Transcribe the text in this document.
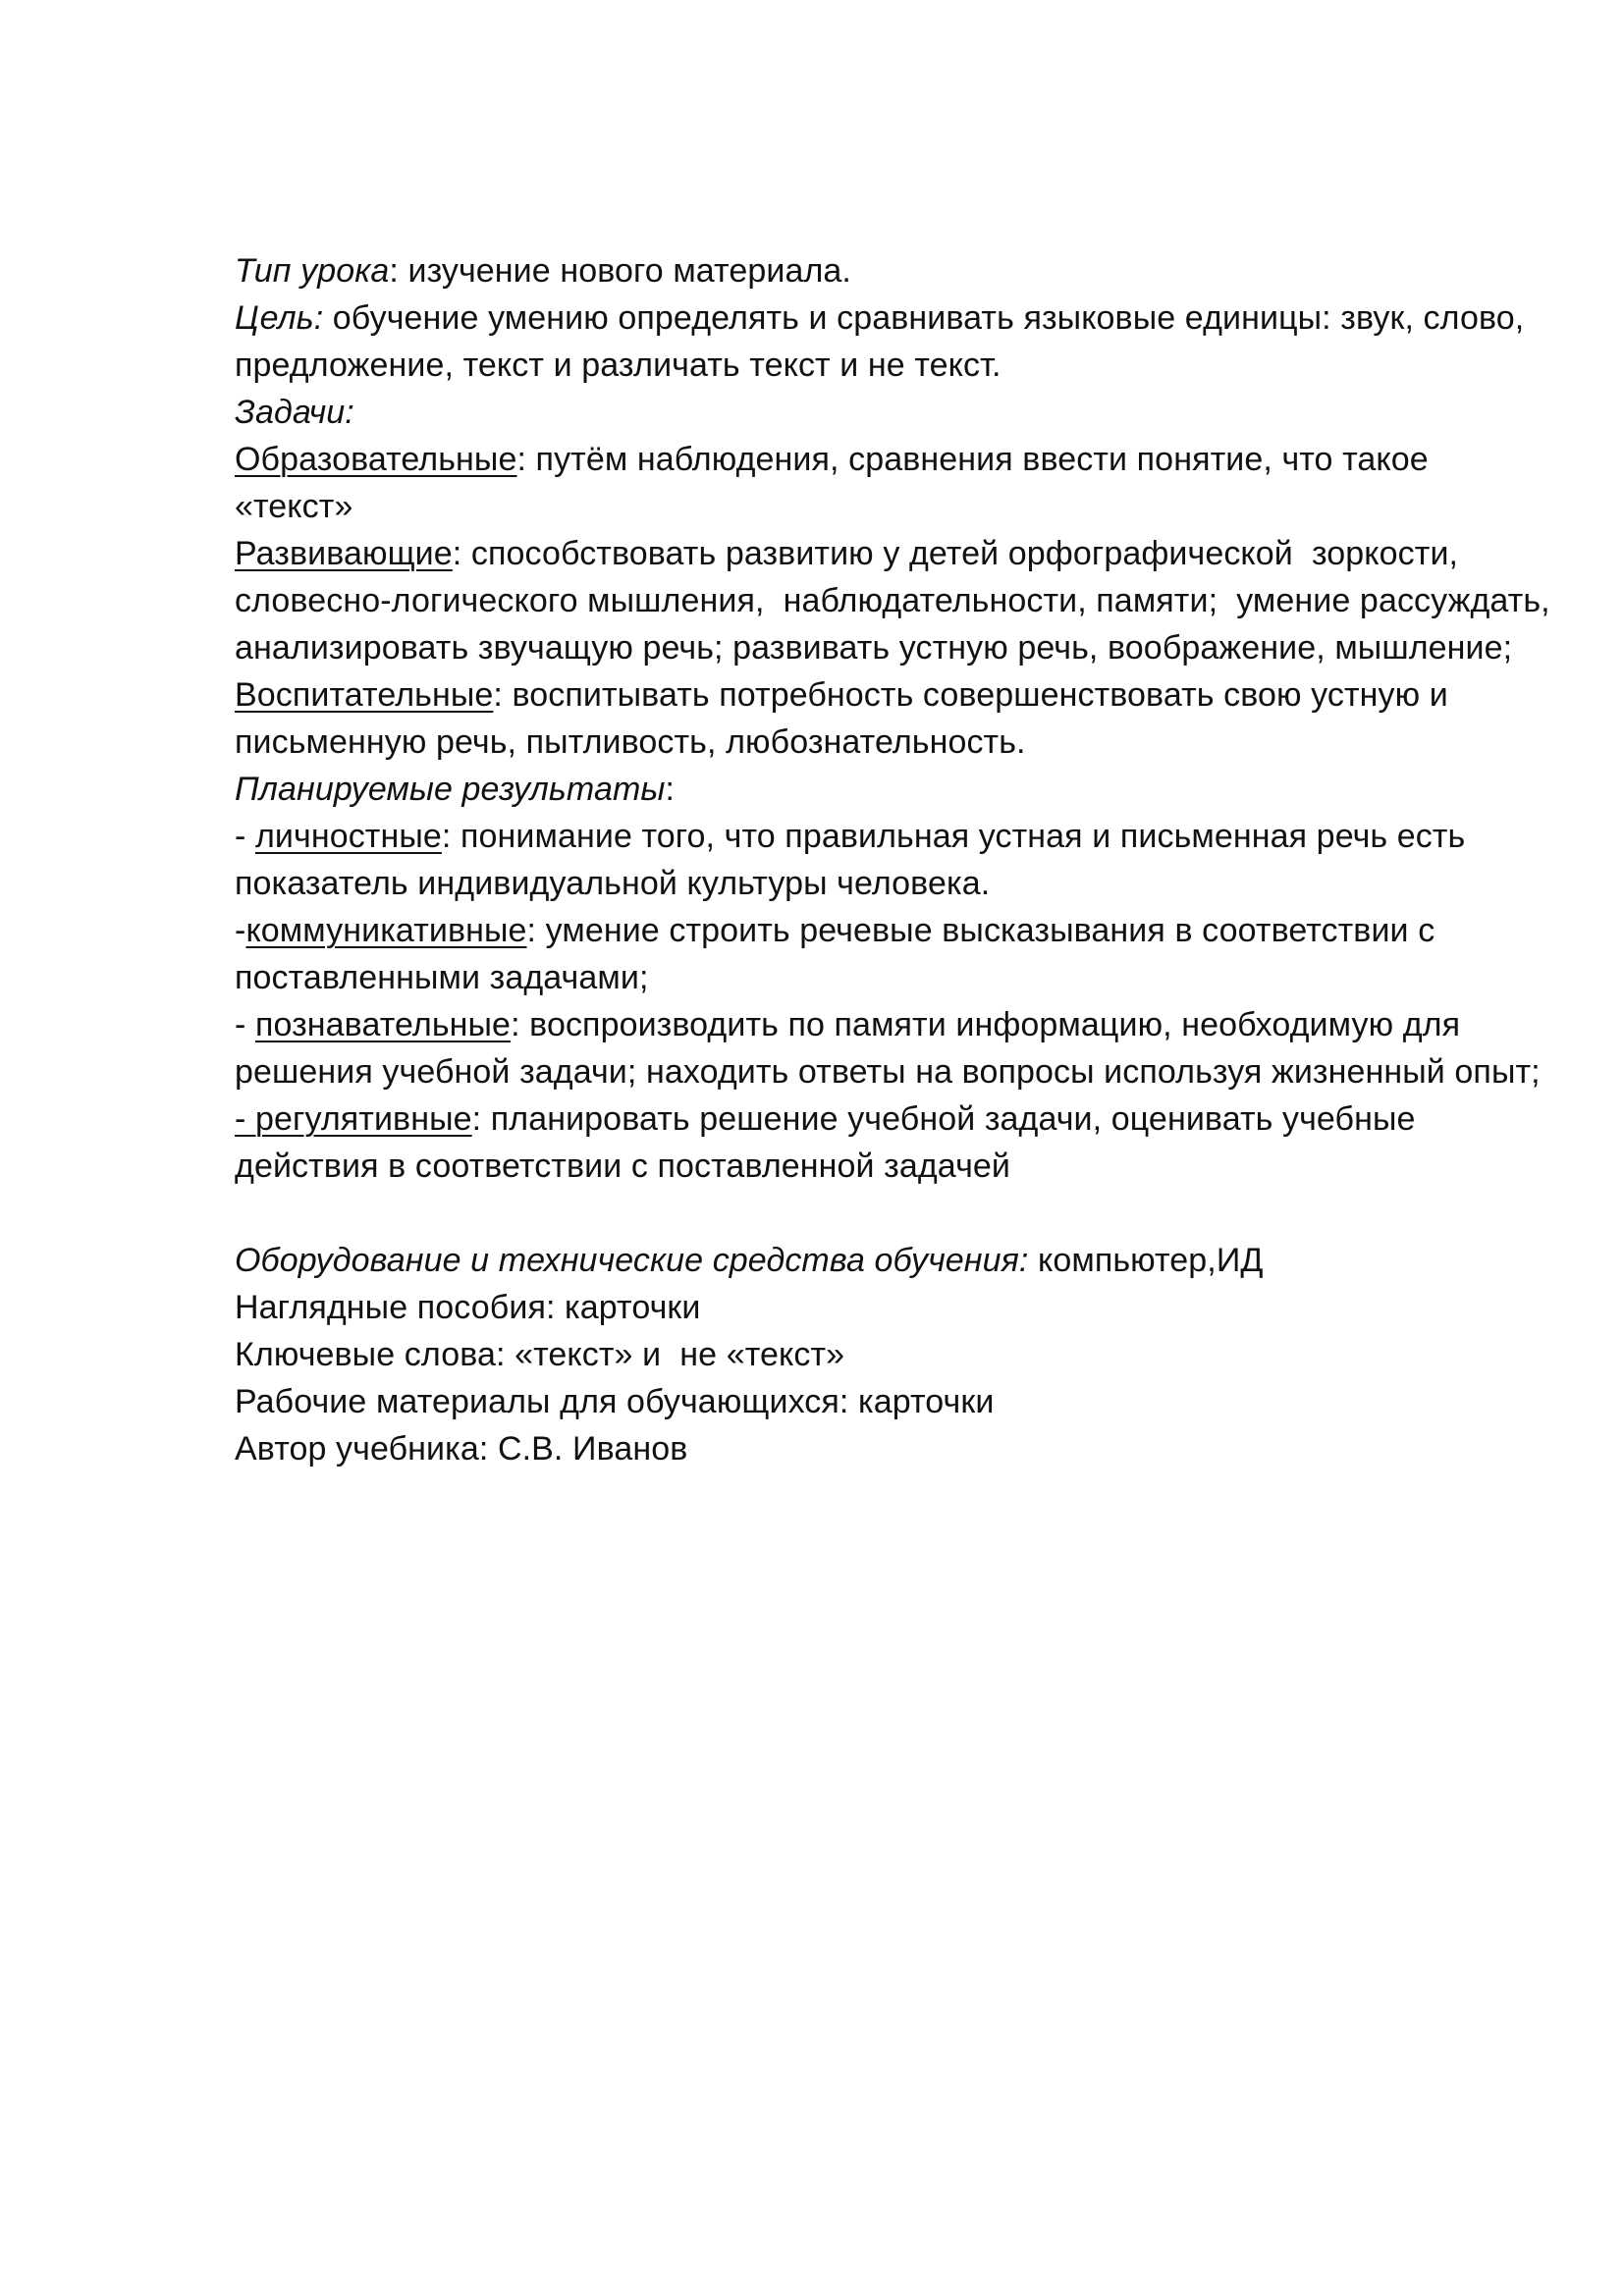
Тип урока: изучение нового материала.
Цель: обучение умению определять и сравнивать языковые единицы: звук, слово, предложение, текст и различать текст и не текст.
Задачи:
Образовательные: путём наблюдения, сравнения ввести понятие, что такое «текст»
Развивающие: способствовать развитию у детей орфографической  зоркости, словесно-логического мышления,  наблюдательности, памяти;  умение рассуждать, анализировать звучащую речь; развивать устную речь, воображение, мышление;
Воспитательные: воспитывать потребность совершенствовать свою устную и письменную речь, пытливость, любознательность.
Планируемые результаты:
- личностные: понимание того, что правильная устная и письменная речь есть показатель индивидуальной культуры человека.
-коммуникативные: умение строить речевые высказывания в соответствии с поставленными задачами;
- познавательные: воспроизводить по памяти информацию, необходимую для решения учебной задачи; находить ответы на вопросы используя жизненный опыт;
- регулятивные: планировать решение учебной задачи, оценивать учебные действия в соответствии с поставленной задачей
Оборудование и технические средства обучения: компьютер,ИД
Наглядные пособия: карточки
Ключевые слова: «текст» и  не «текст»
Рабочие материалы для обучающихся: карточки
Автор учебника: С.В. Иванов
